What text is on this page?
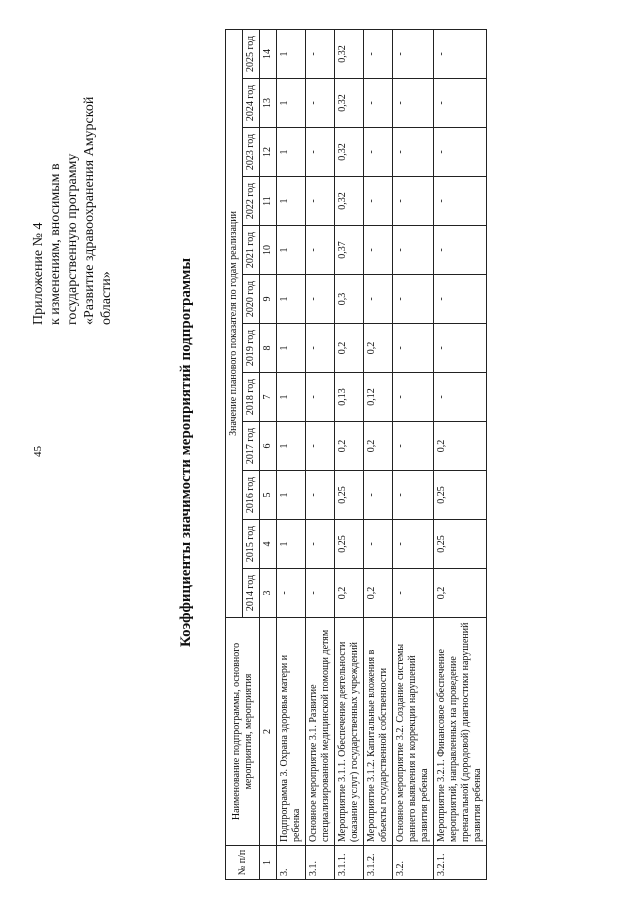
45
Приложение № 4 к изменениям, вносимым в государственную программу «Развитие здравоохранения Амурской области»	Коэффициенты значимости мероприятий подпрограммы
№ п/п	Наименование подпрограммы, основного мероприятия, мероприятия	Значение планового показателя по годам реализации											
		2014 год	2015 год	2016 год	2017 год	2018 год	2019 год	2020 год	2021 год	2022 год	2023 год	2024 год	2025 год
1	2	3	4	5	6	7	8	9	10	11	12	13	14
3.	Подпрограмма 3. Охрана здоровья матери и ребенка	-	1	1	1	1	1	1	1	1	1	1	1
3.1.	Основное мероприятие 3.1. Развитие специализированной медицинской помощи детям	-	-	-	-	-	-	-	-	-	-	-	-
3.1.1.	Мероприятие 3.1.1. Обеспечение деятельности (оказание услуг) государственных учреждений	0,2	0,25	0,25	0,2	0,13	0,2	0,3	0,37	0,32	0,32	0,32	0,32
3.1.2.	Мероприятие 3.1.2. Капитальные вложения в объекты государственной собственности	0,2	-	-	0,2	0,12	0,2	-	-	-	-	-	-
3.2.	Основное мероприятие 3.2. Создание системы раннего выявления и коррекции нарушений развития ребенка	-	-	-	-	-	-	-	-	-	-	-	-
3.2.1.	Мероприятие 3.2.1. Финансовое обеспечение мероприятий, направленных на проведение пренатальной (дородовой) диагностики нарушений развития ребенка	0,2	0,25	0,25	0,2	-	-	-	-	-	-	-	-
